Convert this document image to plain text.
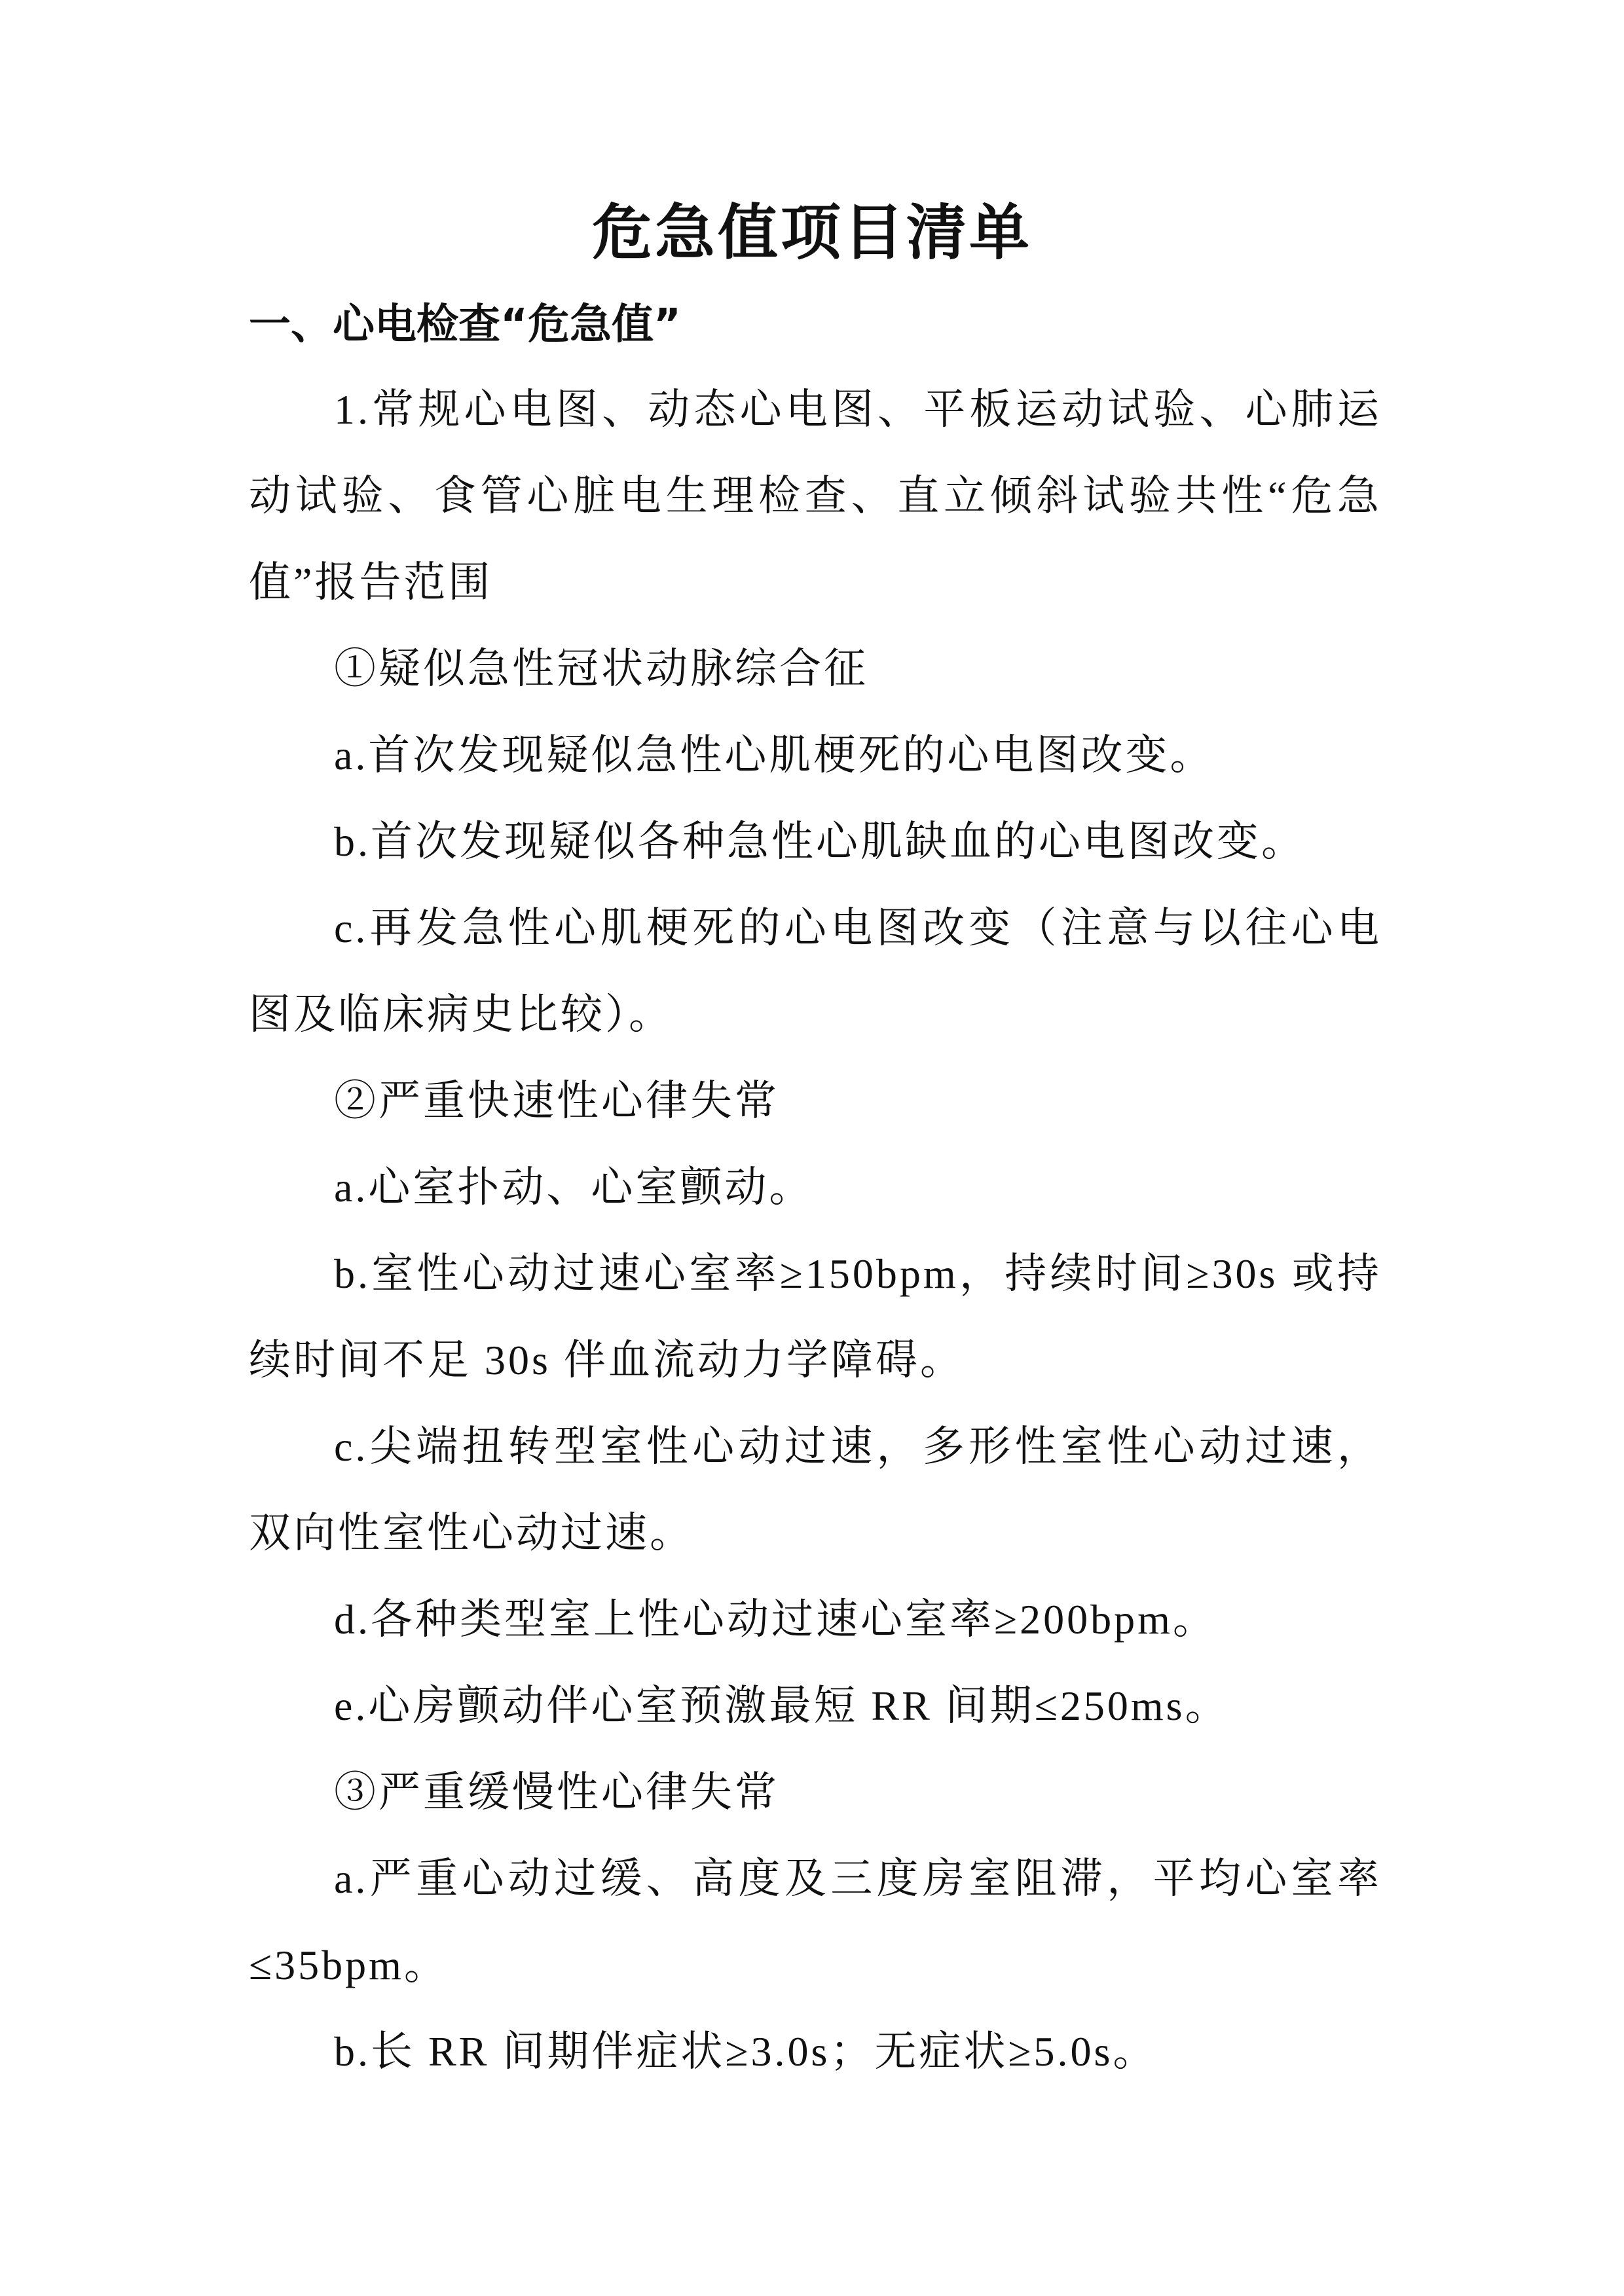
危急值项目清单
一、心电检查“危急值”
1.常规心电图、动态心电图、平板运动试验、心肺运动试验、食管心脏电生理检查、直立倾斜试验共性“危急值”报告范围
①疑似急性冠状动脉综合征
a.首次发现疑似急性心肌梗死的心电图改变。
b.首次发现疑似各种急性心肌缺血的心电图改变。
c.再发急性心肌梗死的心电图改变（注意与以往心电图及临床病史比较）。
②严重快速性心律失常
a.心室扑动、心室颤动。
b.室性心动过速心室率≥150bpm，持续时间≥30s 或持续时间不足 30s 伴血流动力学障碍。
c.尖端扭转型室性心动过速，多形性室性心动过速，双向性室性心动过速。
d.各种类型室上性心动过速心室率≥200bpm。
e.心房颤动伴心室预激最短 RR 间期≤250ms。
③严重缓慢性心律失常
a.严重心动过缓、高度及三度房室阻滞，平均心室率≤35bpm。
b.长 RR 间期伴症状≥3.0s；无症状≥5.0s。
